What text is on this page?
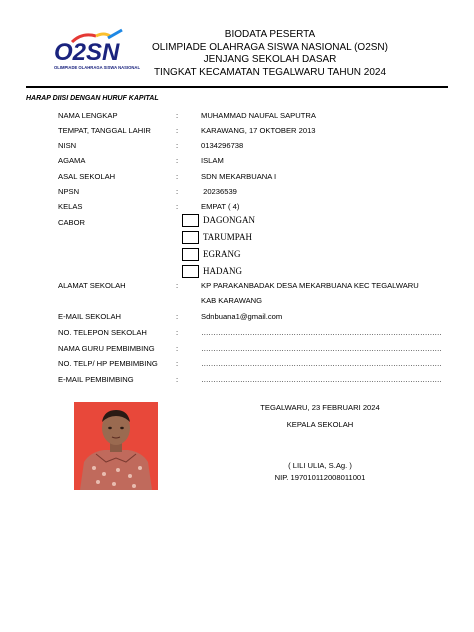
O2SN
OLIMPIADE OLAHRAGA SISWA NASIONAL
BIODATA PESERTA
OLIMPIADE OLAHRAGA SISWA NASIONAL (O2SN)
JENJANG SEKOLAH DASAR
TINGKAT KECAMATAN TEGALWARU TAHUN 2024
HARAP DIISI DENGAN HURUF KAPITAL
NAMA LENGKAP	:	MUHAMMAD NAUFAL SAPUTRA
TEMPAT, TANGGAL LAHIR	:	KARAWANG, 17 OKTOBER 2013
NISN	:	0134296738
AGAMA	:	ISLAM
ASAL SEKOLAH	:	SDN MEKARBUANA I
NPSN	:	20236539
KELAS	:	EMPAT ( 4)
CABOR	DAGONGAN
TARUMPAH
EGRANG
HADANG
ALAMAT SEKOLAH	:	KP PARAKANBADAK DESA MEKARBUANA KEC TEGALWARU
KAB KARAWANG
E-MAIL SEKOLAH	:	Sdnbuana1@gmail.com
NO. TELEPON SEKOLAH	:	………………………………………………………………………………………
NAMA GURU PEMBIMBING	:	………………………………………………………………………………………
NO. TELP/ HP PEMBIMBING :	………………………………………………………………………………………
E-MAIL PEMBIMBING	:	………………………………………………………………………………………
TEGALWARU, 23 FEBRUARI 2024
KEPALA SEKOLAH
( LILI ULIA, S.Ag. )
NIP. 197010112008011001
